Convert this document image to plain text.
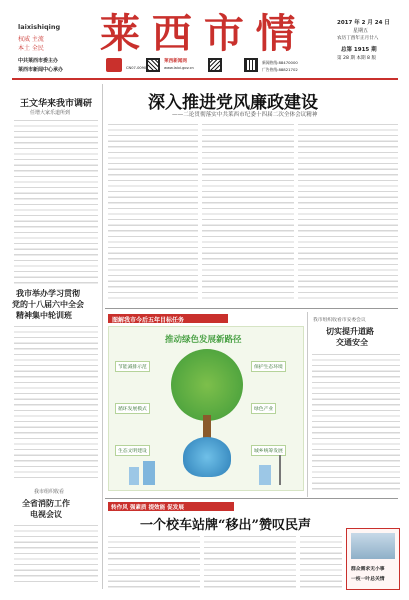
laixishiqing
权威 主流
本土 全民 莱 西 市 情	2017 年 2 月 24 日
星期五
农历丁酉年正月廿八
总第 1915 期
第 28 期 本期 8 版
中共莱西市委主办
莱西市新闻中心承办	CN07-0090
莱西新闻网
www.laixi.gov.cn
新闻热线:88470000
广告热线:88821702
王文华来我市调研
任增大家乐道所到
我市举办学习贯彻
党的十八届六中全会
精神集中轮训班
我市组织收看
全省消防工作
电视会议
深入推进党风廉政建设
——二论贯彻落实中共莱西市纪委十四届二次全体会议精神
图解我市今后五年目标任务
推动绿色发展新路径
节能减排示范	保护生态环境
循环发展模式	绿色产业
生态文明建设	城乡统筹发展
我市组织收看市安委会议
切实提升道路
交通安全
转作风 强素质 提效能 促发展
一个校车站牌“移出”赞叹民声
群众需求无小事
一枝一叶总关情
